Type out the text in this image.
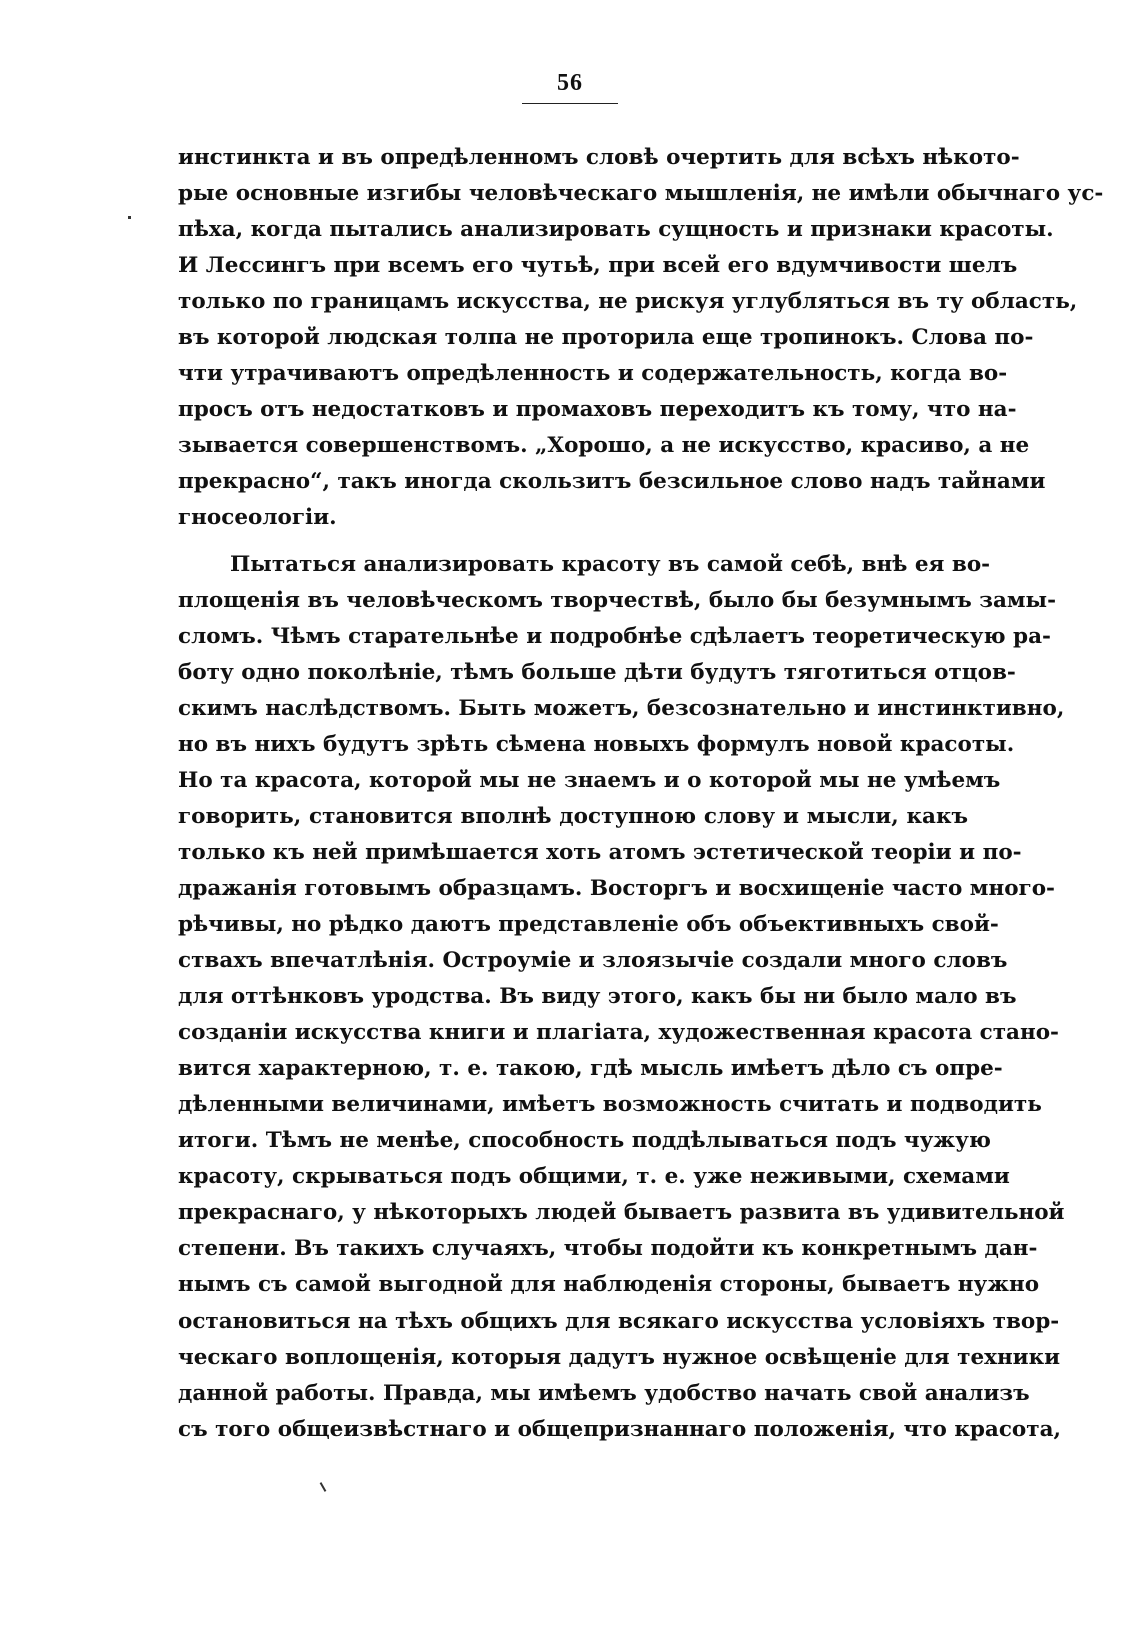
56
инстинкта и въ опредѣленномъ словѣ очертить для всѣхъ нѣкото-
рые основные изгибы человѣческаго мышленія, не имѣли обычнаго ус-
пѣха, когда пытались анализировать сущность и признаки красоты.
И Лессингъ при всемъ его чутьѣ, при всей его вдумчивости шелъ
только по границамъ искусства, не рискуя углубляться въ ту область,
въ которой людская толпа не проторила еще тропинокъ. Слова по-
чти утрачиваютъ опредѣленность и содержательность, когда во-
просъ отъ недостатковъ и промаховъ переходитъ къ тому, что на-
зывается совершенствомъ. „Хорошо, а не искусство, красиво, а не
прекрасно“, такъ иногда скользитъ безсильное слово надъ тайнами
гносеологіи.
Пытаться анализировать красоту въ самой себѣ, внѣ ея во-
площенія въ человѣческомъ творчествѣ, было бы безумнымъ замы-
сломъ. Чѣмъ старательнѣе и подробнѣе сдѣлаетъ теоретическую ра-
боту одно поколѣніе, тѣмъ больше дѣти будутъ тяготиться отцов-
скимъ наслѣдствомъ. Быть можетъ, безсознательно и инстинктивно,
но въ нихъ будутъ зрѣть сѣмена новыхъ формулъ новой красоты.
Но та красота, которой мы не знаемъ и о которой мы не умѣемъ
говорить, становится вполнѣ доступною слову и мысли, какъ
только къ ней примѣшается хоть атомъ эстетической теоріи и по-
дражанія готовымъ образцамъ. Восторгъ и восхищеніе часто много-
рѣчивы, но рѣдко даютъ представленіе объ объективныхъ свой-
ствахъ впечатлѣнія. Остроуміе и злоязычіе создали много словъ
для оттѣнковъ уродства. Въ виду этого, какъ бы ни было мало въ
созданіи искусства книги и плагіата, художественная красота стано-
вится характерною, т. е. такою, гдѣ мысль имѣетъ дѣло съ опре-
дѣленными величинами, имѣетъ возможность считать и подводить
итоги. Тѣмъ не менѣе, способность поддѣлываться подъ чужую
красоту, скрываться подъ общими, т. е. уже неживыми, схемами
прекраснаго, у нѣкоторыхъ людей бываетъ развита въ удивительной
степени. Въ такихъ случаяхъ, чтобы подойти къ конкретнымъ дан-
нымъ съ самой выгодной для наблюденія стороны, бываетъ нужно
остановиться на тѣхъ общихъ для всякаго искусства условіяхъ твор-
ческаго воплощенія, которыя дадутъ нужное освѣщеніе для техники
данной работы. Правда, мы имѣемъ удобство начать свой анализъ
съ того общеизвѣстнаго и общепризнаннаго положенія, что красота,
